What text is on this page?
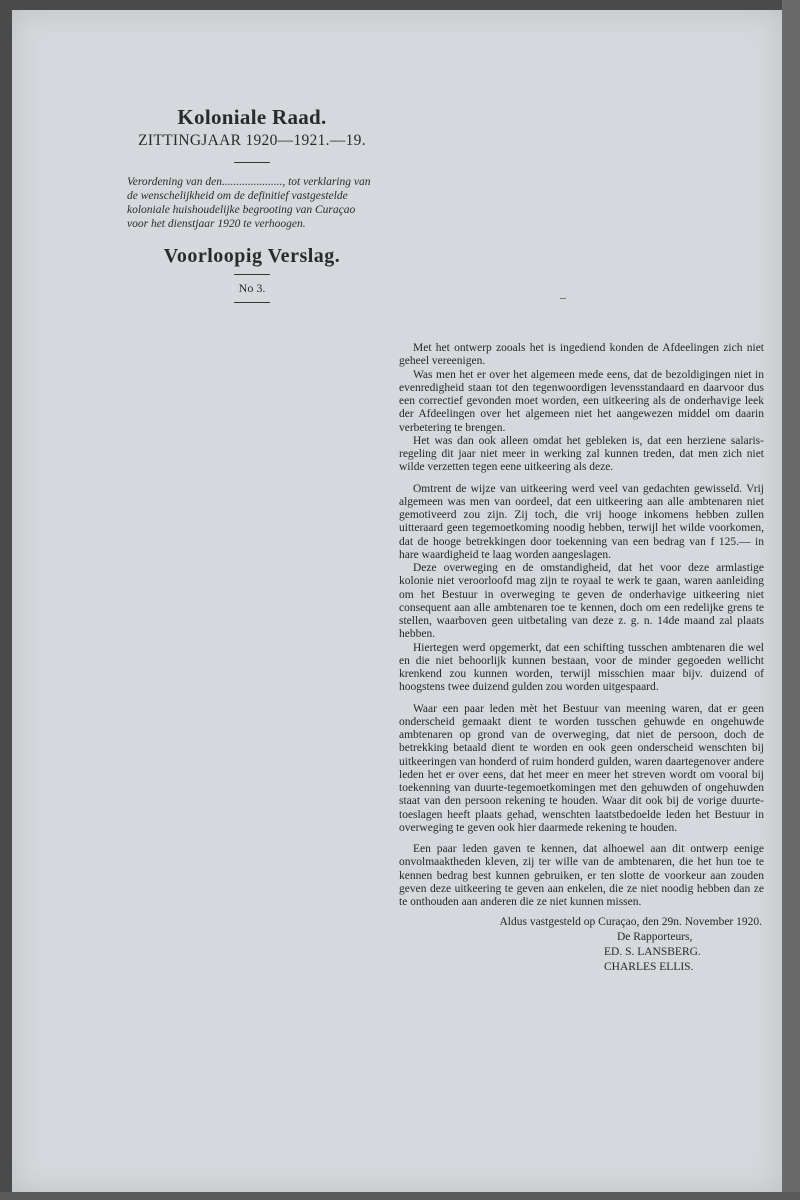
Koloniale Raad.
ZITTINGJAAR 1920—1921.—19.
Verordening van den....................., tot verklaring van de wenschelijkheid om de definitief vastgestelde koloniale huishoudelijke begrooting van Curaçao voor het dienstjaar 1920 te verhoogen.
Voorloopig Verslag.
No 3.

Met het ontwerp zooals het is ingediend konden de Afdeelingen zich niet geheel vereenigen.

Was men het er over het algemeen mede eens, dat de bezoldigingen niet in evenredigheid staan tot den tegenwoordigen levensstandaard en daarvoor dus een correctief gevonden moet worden, een uitkeering als de onderhavige leek der Afdeelingen over het algemeen niet het aangewezen middel om daarin verbetering te brengen.

Het was dan ook alleen omdat het gebleken is, dat een herziene salaris-regeling dit jaar niet meer in werking zal kunnen treden, dat men zich niet wilde verzetten tegen eene uitkeering als deze.

Omtrent de wijze van uitkeering werd veel van gedachten gewisseld. Vrij algemeen was men van oordeel, dat een uitkeering aan alle ambtenaren niet gemotiveerd zou zijn. Zij toch, die vrij hooge inkomens hebben zullen uitteraard geen tegemoetkoming noodig hebben, terwijl het wilde voorkomen, dat de hooge betrekkingen door toekenning van een bedrag van f 125.— in hare waardigheid te laag worden aangeslagen.

Deze overweging en de omstandigheid, dat het voor deze armlastige kolonie niet veroorloofd mag zijn te royaal te werk te gaan, waren aanleiding om het Bestuur in overweging te geven de onderhavige uitkeering niet consequent aan alle ambtenaren toe te kennen, doch om een redelijke grens te stellen, waarboven geen uitbetaling van deze z. g. n. 14de maand zal plaats hebben.

Hiertegen werd opgemerkt, dat een schifting tusschen ambtenaren die wel en die niet behoorlijk kunnen bestaan, voor de minder gegoeden wellicht krenkend zou kunnen worden, terwijl misschien maar bijv. duizend of hoogstens twee duizend gulden zou worden uitgespaard.

Waar een paar leden mèt het Bestuur van meening waren, dat er geen onderscheid gemaakt dient te worden tusschen gehuwde en ongehuwde ambtenaren op grond van de overweging, dat niet de persoon, doch de betrekking betaald dient te worden en ook geen onderscheid wenschten bij uitkeeringen van honderd of ruim honderd gulden, waren daartegenover andere leden het er over eens, dat het meer en meer het streven wordt om vooral bij toekenning van duurte-tegemoetkomingen met den gehuwden of ongehuwden staat van den persoon rekening te houden. Waar dit ook bij de vorige duurte-toeslagen heeft plaats gehad, wenschten laatstbedoelde leden het Bestuur in overweging te geven ook hier daarmede rekening te houden.

Een paar leden gaven te kennen, dat alhoewel aan dit ontwerp eenige onvolmaaktheden kleven, zij ter wille van de ambtenaren, die het hun toe te kennen bedrag best kunnen gebruiken, er ten slotte de voorkeur aan zouden geven deze uitkeering te geven aan enkelen, die ze niet noodig hebben dan ze te onthouden aan anderen die ze niet kunnen missen.

Aldus vastgesteld op Curaçao, den 29n. November 1920.
De Rapporteurs,
ED. S. LANSBERG.
CHARLES ELLIS.
